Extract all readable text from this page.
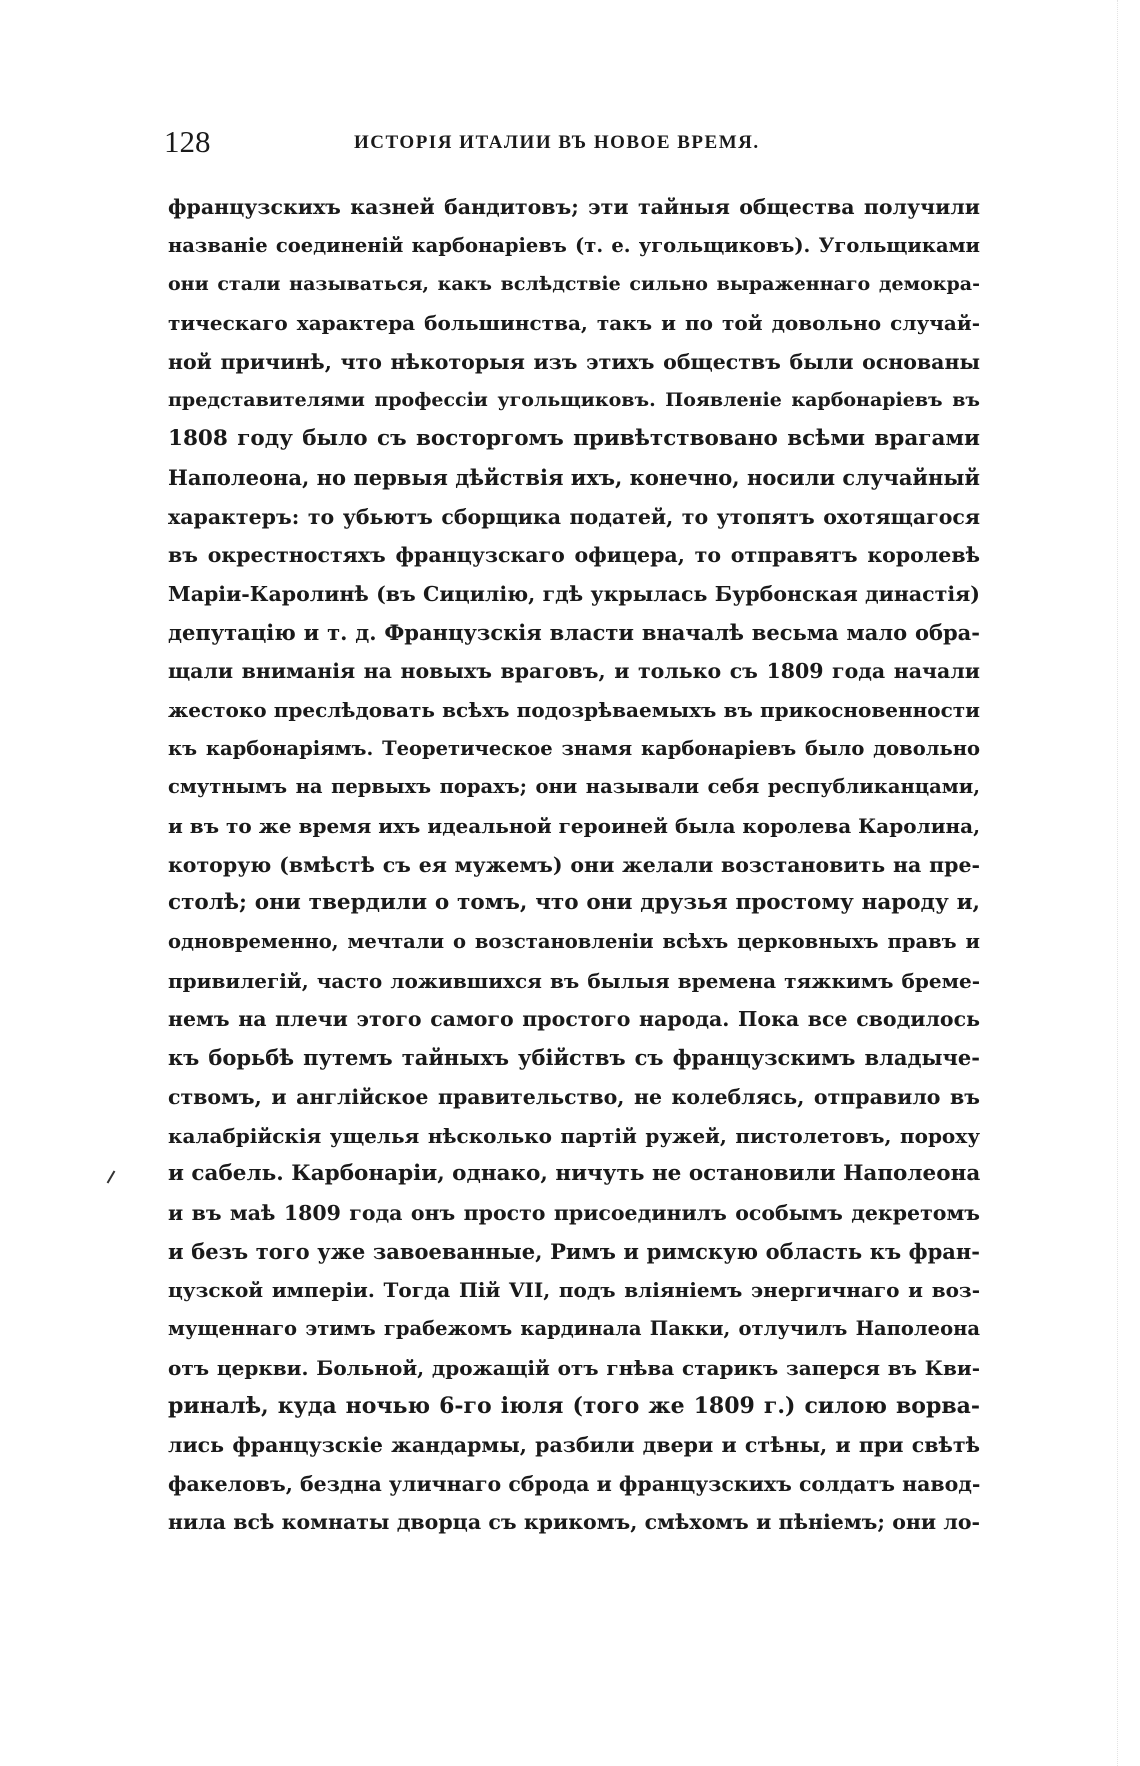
128	ИСТОРІЯ ИТАЛИИ ВЪ НОВОЕ ВРЕМЯ.
французскихъ казней бандитовъ; эти тайныя общества получили
названіе соединеній карбонаріевъ (т. е. угольщиковъ). Угольщиками
они стали называться, какъ вслѣдствіе сильно выраженнаго демокра-
тическаго характера большинства, такъ и по той довольно случай-
ной причинѣ, что нѣкоторыя изъ этихъ обществъ были основаны
представителями профессіи угольщиковъ. Появленіе карбонаріевъ въ
1808 году было съ восторгомъ привѣтствовано всѣми врагами
Наполеона, но первыя дѣйствія ихъ, конечно, носили случайный
характеръ: то убьютъ сборщика податей, то утопятъ охотящагося
въ окрестностяхъ французскаго офицера, то отправятъ королевѣ
Маріи-Каролинѣ (въ Сицилію, гдѣ укрылась Бурбонская династія)
депутацію и т. д. Французскія власти вначалѣ весьма мало обра-
щали вниманія на новыхъ враговъ, и только съ 1809 года начали
жестоко преслѣдовать всѣхъ подозрѣваемыхъ въ прикосновенности
къ карбонаріямъ. Теоретическое знамя карбонаріевъ было довольно
смутнымъ на первыхъ порахъ; они называли себя республиканцами,
и въ то же время ихъ идеальной героиней была королева Каролина,
которую (вмѣстѣ съ ея мужемъ) они желали возстановить на пре-
столѣ; они твердили о томъ, что они друзья простому народу и,
одновременно, мечтали о возстановленіи всѣхъ церковныхъ правъ и
привилегій, часто ложившихся въ былыя времена тяжкимъ бреме-
немъ на плечи этого самого простого народа. Пока все сводилось
къ борьбѣ путемъ тайныхъ убійствъ съ французскимъ владыче-
ствомъ, и англійское правительство, не колеблясь, отправило въ
калабрійскія ущелья нѣсколько партій ружей, пистолетовъ, пороху
и сабель. Карбонаріи, однако, ничуть не остановили Наполеона
и въ маѣ 1809 года онъ просто присоединилъ особымъ декретомъ
и безъ того уже завоеванные, Римъ и римскую область къ фран-
цузской имперіи. Тогда Пій VII, подъ вліяніемъ энергичнаго и воз-
мущеннаго этимъ грабежомъ кардинала Пакки, отлучилъ Наполеона
отъ церкви. Больной, дрожащій отъ гнѣва старикъ заперся въ Кви-
риналѣ, куда ночью 6-го іюля (того же 1809 г.) силою ворва-
лись французскіе жандармы, разбили двери и стѣны, и при свѣтѣ
факеловъ, бездна уличнаго сброда и французскихъ солдатъ навод-
нила всѣ комнаты дворца съ крикомъ, смѣхомъ и пѣніемъ; они ло-
